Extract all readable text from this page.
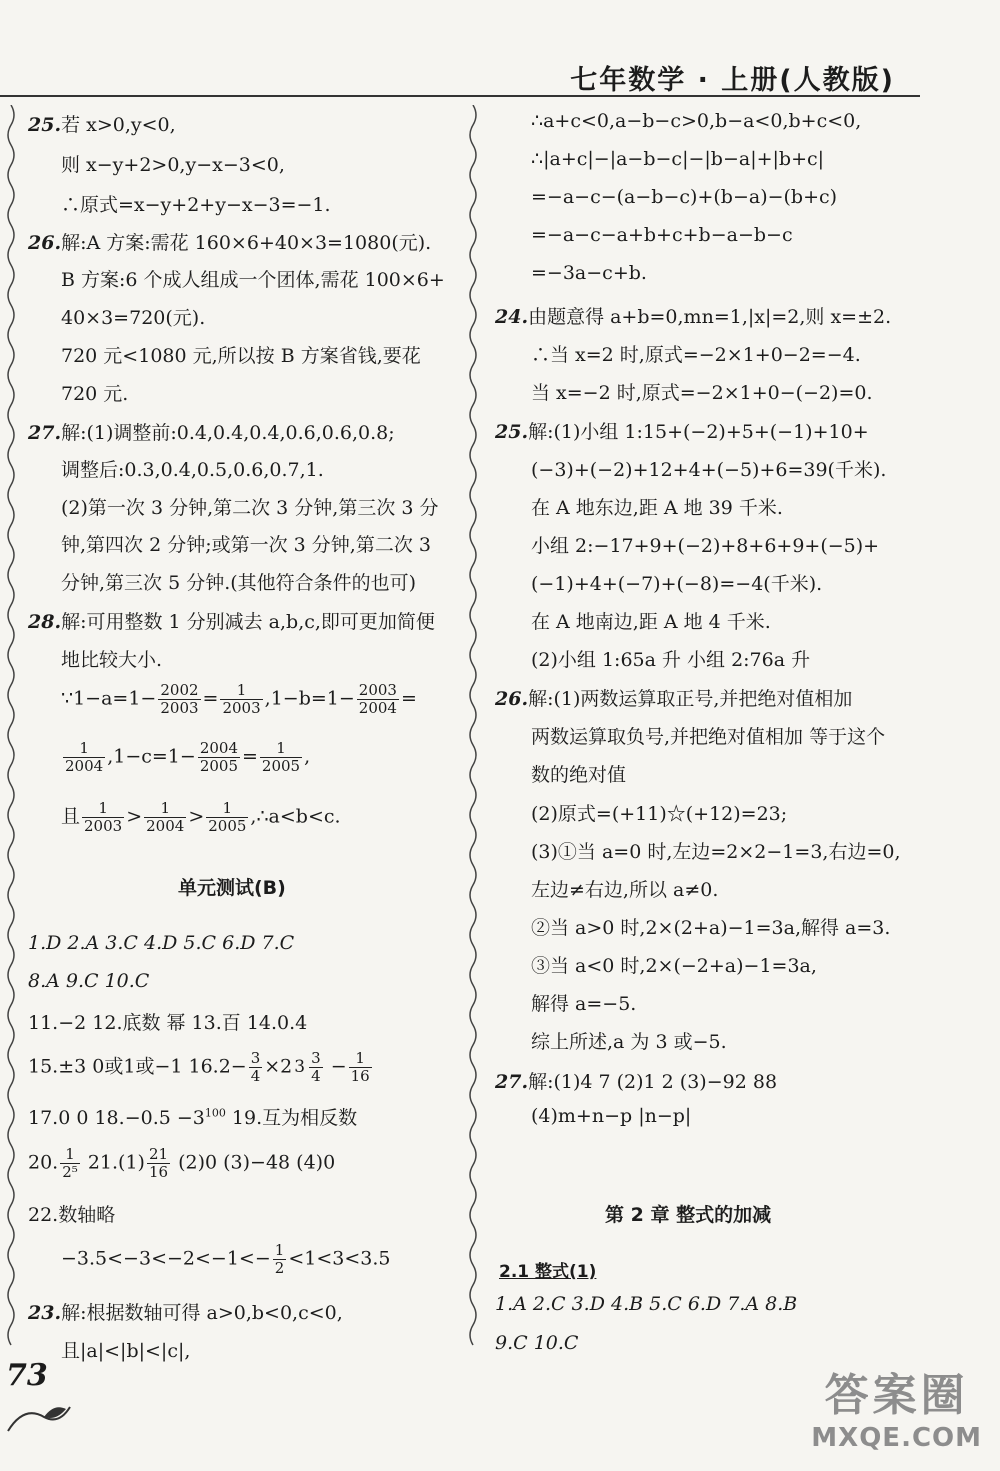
七年数学 · 上册(人教版)
25.若 x>0,y<0,
则 x−y+2>0,y−x−3<0,
∴原式=x−y+2+y−x−3=−1.
26.解:A 方案:需花 160×6+40×3=1080(元).
B 方案:6 个成人组成一个团体,需花 100×6+
40×3=720(元).
720 元<1080 元,所以按 B 方案省钱,要花
720 元.
27.解:(1)调整前:0.4,0.4,0.4,0.6,0.6,0.8;
调整后:0.3,0.4,0.5,0.6,0.7,1.
(2)第一次 3 分钟,第二次 3 分钟,第三次 3 分
钟,第四次 2 分钟;或第一次 3 分钟,第二次 3
分钟,第三次 5 分钟.(其他符合条件的也可)
28.解:可用整数 1 分别减去 a,b,c,即可更加简便
地比较大小.
∵1−a=1− $\frac{2002}{2003} = \frac{1}{2003} ,1-b=1- \frac{2003}{2004}$ =
$\frac{1}{2004} ,1-c=1- \frac{2004}{2005} = \frac{1}{2005}$ ,
且 $\frac{1}{2003} > \frac{1}{2004} > \frac{1}{2005}$ ,∴a<b<c.
单元测试(B)
1.D 2.A 3.C 4.D 5.C 6.D 7.C
8.A 9.C 10.C
11.−2 12.底数 幂 13.百 14.0.4
15.±3 0或1或−1 $16.2- \frac{3}{4} \times 2$ $3 \frac{3}{4} - \frac{1}{16}$
17.0 0 $18.-0.5 -3^{100}$ 19.互为相反数
20. $\frac{1}{\text{2⁵}} 21.(1) \frac{21}{16} (2)0$ (3)−48 (4)0
22.数轴略
$-3.5<-3<-2<-1<- \frac{1}{2} <1<3<3.5$
23.解:根据数轴可得 a>0,b<0,c<0,
且|a|<|b|<|c|,
∴a+c<0,a−b−c>0,b−a<0,b+c<0,
∴|a+c|−|a−b−c|−|b−a|+|b+c|
=−a−c−(a−b−c)+(b−a)−(b+c)
=−a−c−a+b+c+b−a−b−c
=−3a−c+b.
24.由题意得 a+b=0,mn=1,|x|=2,则 x=±2.
∴当 x=2 时,原式=−2×1+0−2=−4.
当 x=−2 时,原式=−2×1+0−(−2)=0.
25.解:(1)小组 1:15+(−2)+5+(−1)+10+
(−3)+(−2)+12+4+(−5)+6=39(千米).
在 A 地东边,距 A 地 39 千米.
小组 2:−17+9+(−2)+8+6+9+(−5)+
(−1)+4+(−7)+(−8)=−4(千米).
在 A 地南边,距 A 地 4 千米.
(2)小组 1:65a 升 小组 2:76a 升
26.解:(1)两数运算取正号,并把绝对值相加
两数运算取负号,并把绝对值相加 等于这个
数的绝对值
(2)原式=(+11)☆(+12)=23;
(3)①当 a=0 时,左边=2×2−1=3,右边=0,
左边≠右边,所以 a≠0.
②当 a>0 时,2×(2+a)−1=3a,解得 a=3.
③当 a<0 时,2×(−2+a)−1=3a,
解得 a=−5.
综上所述,a 为 3 或−5.
27.解:(1)4 7 (2)1 2 (3)−92 88
(4)m+n−p |n−p|
第 2 章 整式的加减
2.1 整式(1)
1.A 2.C 3.D 4.B 5.C 6.D 7.A 8.B
9.C 10.C
73	答案圈
MXQE.COM
